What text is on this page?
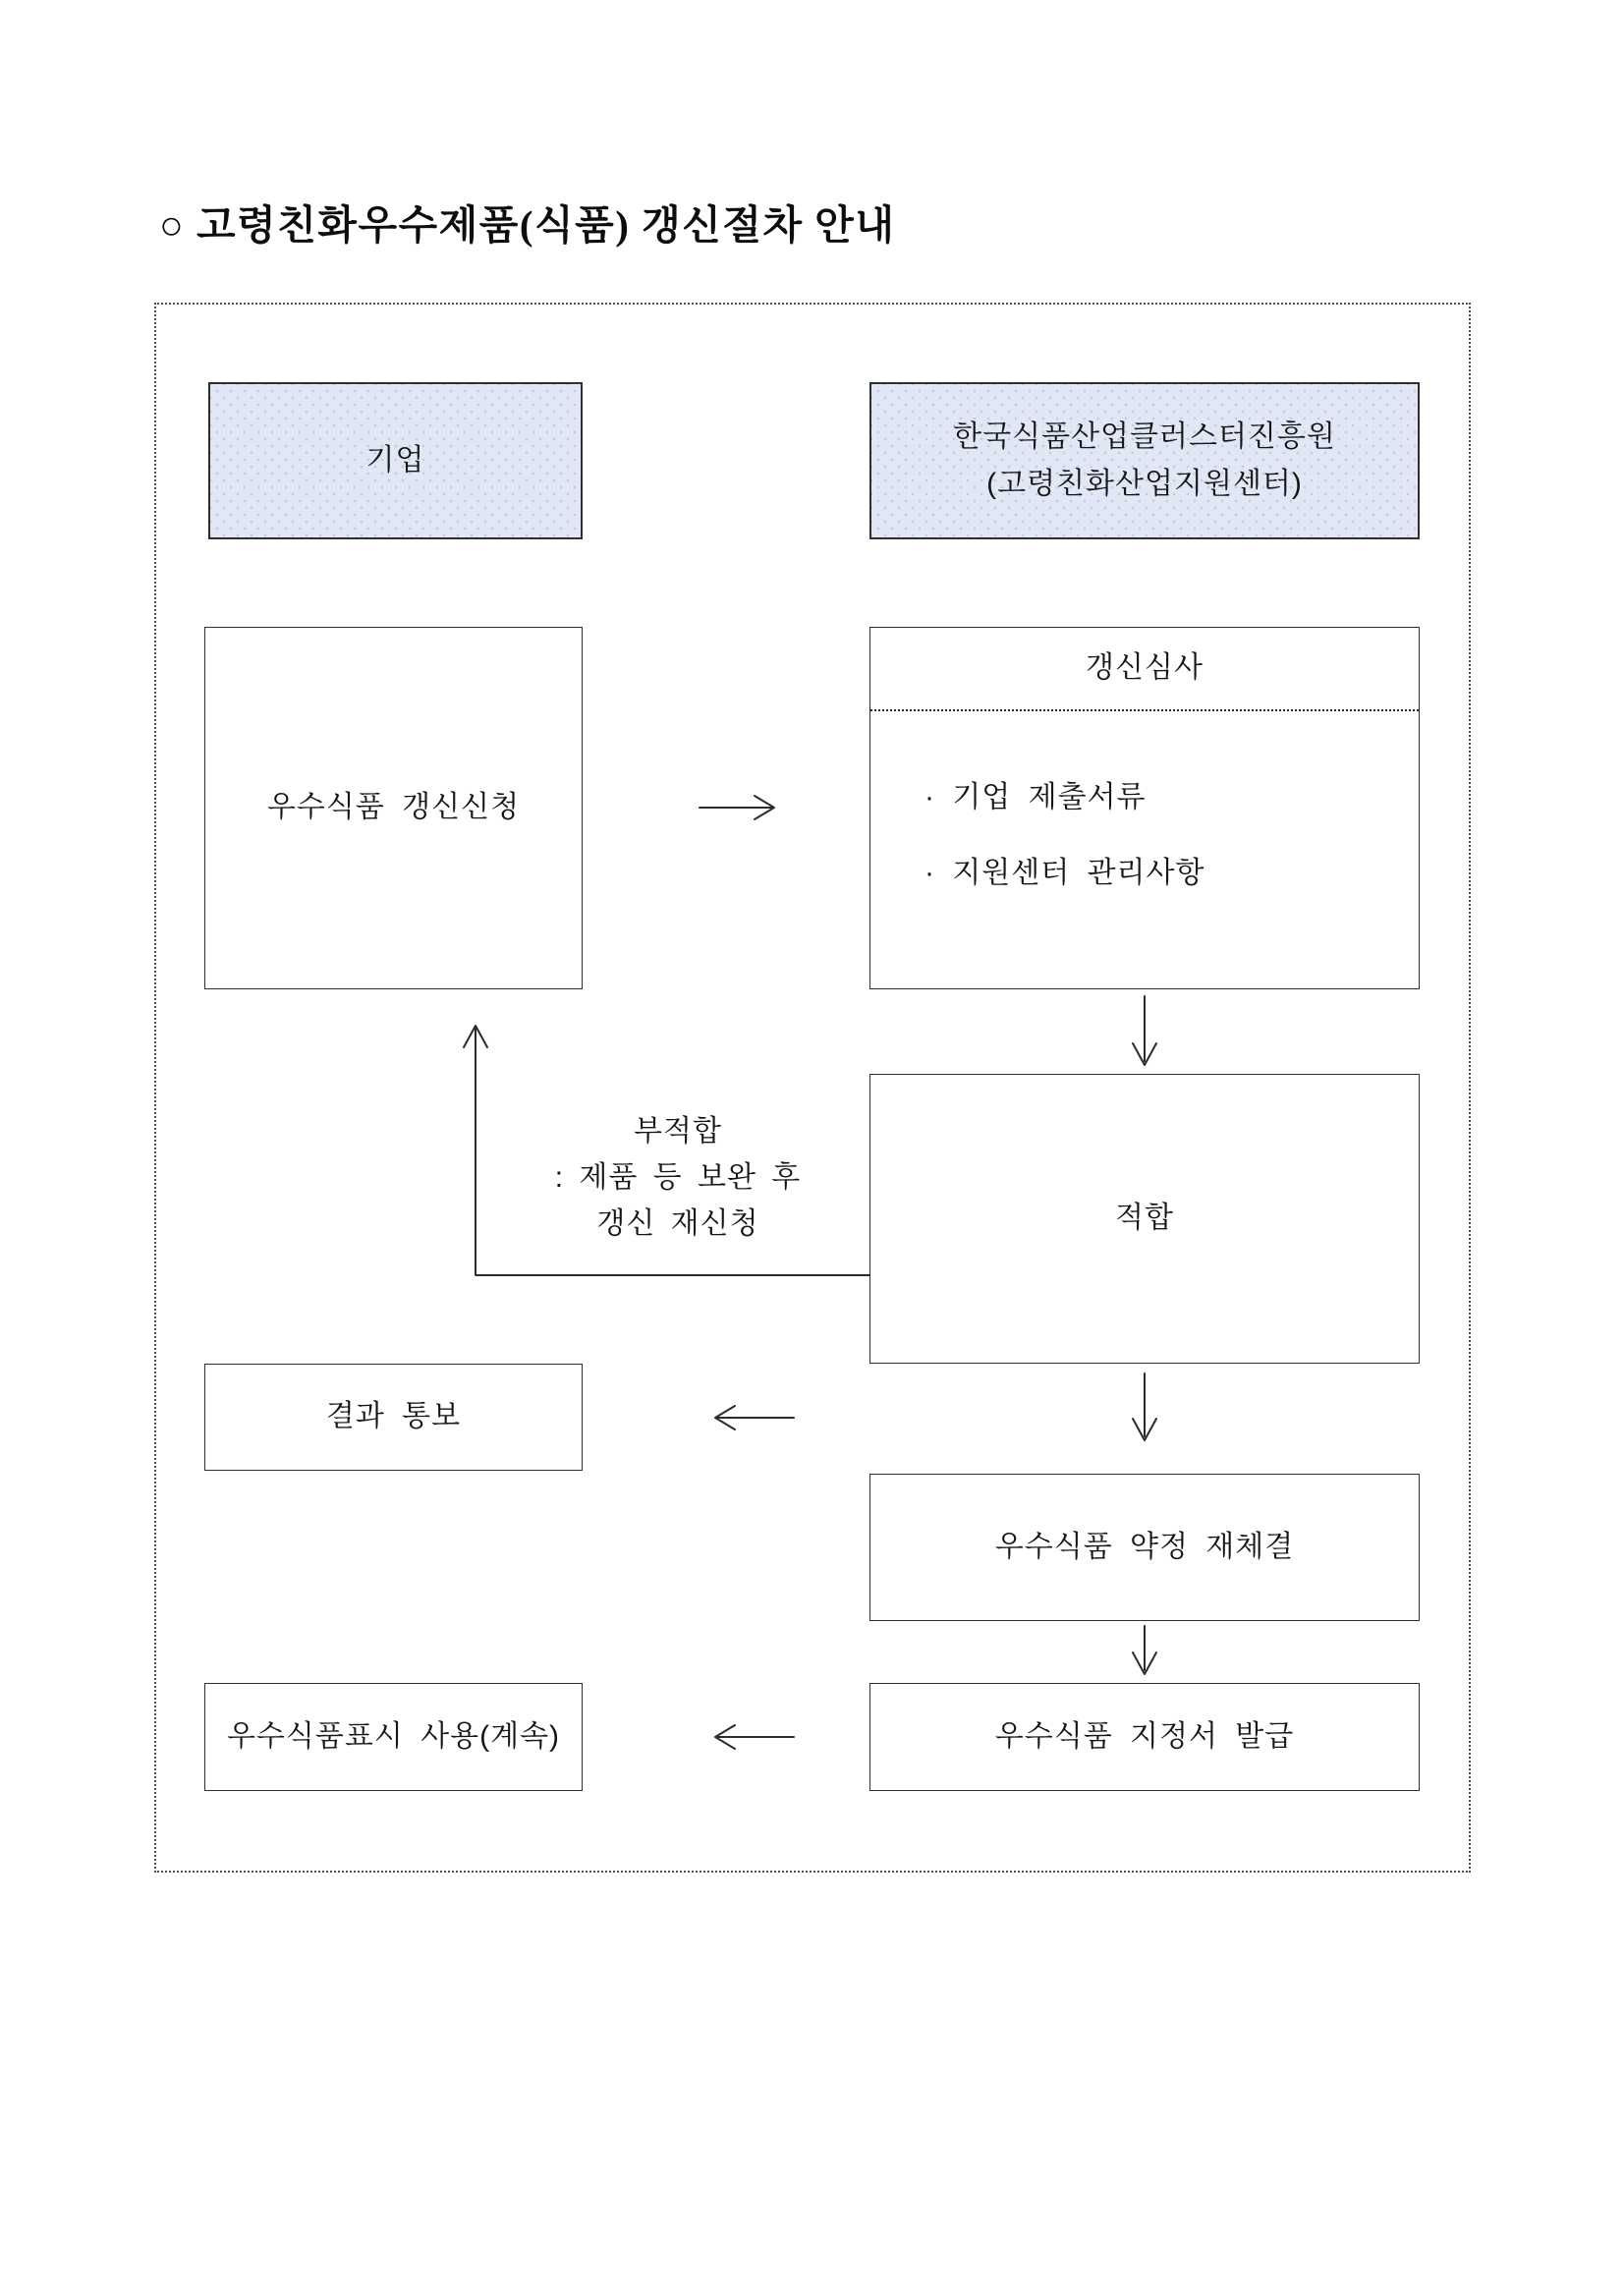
○ 고령친화우수제품(식품) 갱신절차 안내
기업
한국식품산업클러스터진흥원
(고령친화산업지원센터)
우수식품 갱신신청
갱신심사
· 기업 제출서류
· 지원센터 관리사항
부적합
: 제품 등 보완 후
갱신 재신청	적합
결과 통보
우수식품 약정 재체결
우수식품표시 사용(계속)	우수식품 지정서 발급
